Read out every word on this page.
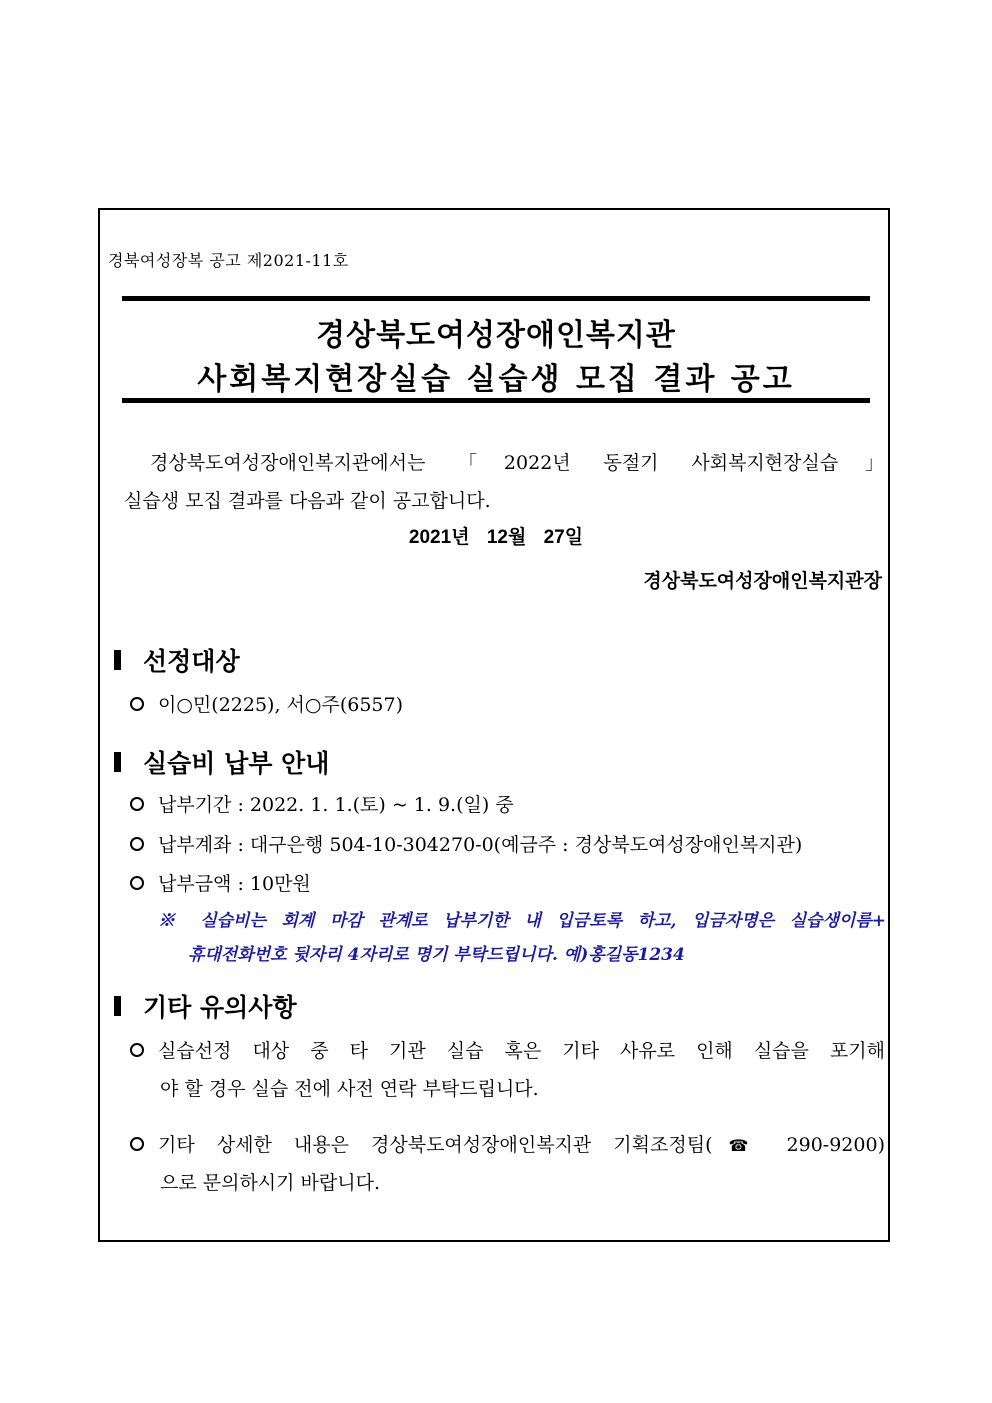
경북여성장복 공고 제2021-11호
경상북도여성장애인복지관
사회복지현장실습 실습생 모집 결과 공고
경상북도여성장애인복지관에서는 「2022년 동절기 사회복지현장실습」
실습생 모집 결과를 다음과 같이 공고합니다.
2021년 12월 27일
경상북도여성장애인복지관장
선정대상
이○민(2225), 서○주(6557)
실습비 납부 안내
납부기간 : 2022. 1. 1.(토) ~ 1. 9.(일) 중
납부계좌 : 대구은행 504-10-304270-0(예금주 : 경상북도여성장애인복지관)
납부금액 : 10만원
※ 실습비는 회계 마감 관계로 납부기한 내 입금토록 하고, 입금자명은 실습생이름+
휴대전화번호 뒷자리 4자리로 명기 부탁드립니다. 예)홍길동1234
기타 유의사항
실습선정 대상 중 타 기관 실습 혹은 기타 사유로 인해 실습을 포기해
야 할 경우 실습 전에 사전 연락 부탁드립니다.
기타 상세한 내용은 경상북도여성장애인복지관 기획조정팀(☎ 290-9200)
으로 문의하시기 바랍니다.
